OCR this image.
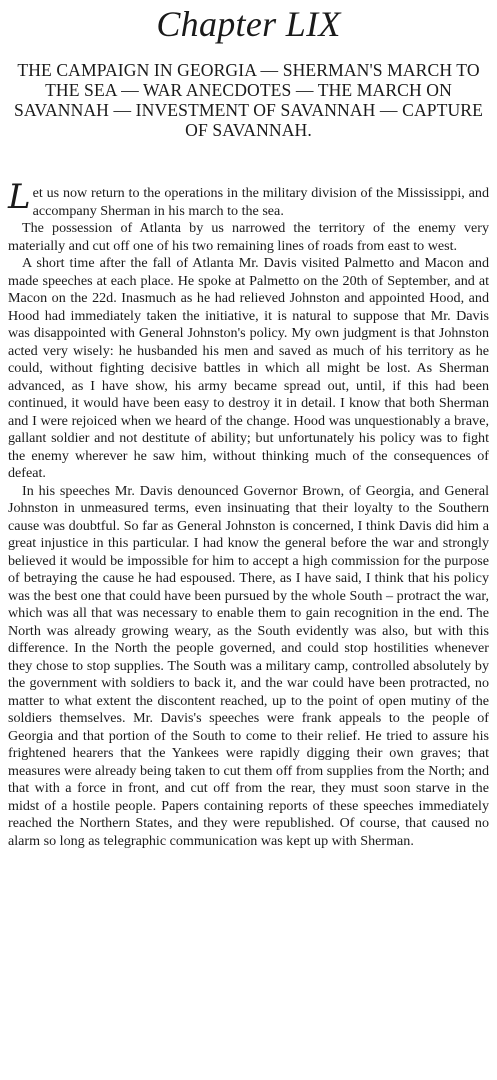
Chapter LIX
THE CAMPAIGN IN GEORGIA — SHERMAN'S MARCH TO THE SEA — WAR ANECDOTES — THE MARCH ON SAVANNAH — INVESTMENT OF SAVANNAH — CAPTURE OF SAVANNAH.

Let us now return to the operations in the military division of the Mississippi, and accompany Sherman in his march to the sea.

The possession of Atlanta by us narrowed the territory of the enemy very materially and cut off one of his two remaining lines of roads from east to west.

A short time after the fall of Atlanta Mr. Davis visited Palmetto and Macon and made speeches at each place. He spoke at Palmetto on the 20th of September, and at Macon on the 22d. Inasmuch as he had relieved Johnston and appointed Hood, and Hood had immediately taken the initiative, it is natural to suppose that Mr. Davis was disappointed with General Johnston's policy. My own judgment is that Johnston acted very wisely: he husbanded his men and saved as much of his territory as he could, without fighting decisive battles in which all might be lost. As Sherman advanced, as I have show, his army became spread out, until, if this had been continued, it would have been easy to destroy it in detail. I know that both Sherman and I were rejoiced when we heard of the change. Hood was unquestionably a brave, gallant soldier and not destitute of ability; but unfortunately his policy was to fight the enemy wherever he saw him, without thinking much of the consequences of defeat.

In his speeches Mr. Davis denounced Governor Brown, of Georgia, and General Johnston in unmeasured terms, even insinuating that their loyalty to the Southern cause was doubtful. So far as General Johnston is concerned, I think Davis did him a great injustice in this particular. I had know the general before the war and strongly believed it would be impossible for him to accept a high commission for the purpose of betraying the cause he had espoused. There, as I have said, I think that his policy was the best one that could have been pursued by the whole South – protract the war, which was all that was necessary to enable them to gain recognition in the end. The North was already growing weary, as the South evidently was also, but with this difference. In the North the people governed, and could stop hostilities whenever they chose to stop supplies. The South was a military camp, controlled absolutely by the government with soldiers to back it, and the war could have been protracted, no matter to what extent the discontent reached, up to the point of open mutiny of the soldiers themselves. Mr. Davis's speeches were frank appeals to the people of Georgia and that portion of the South to come to their relief. He tried to assure his frightened hearers that the Yankees were rapidly digging their own graves; that measures were already being taken to cut them off from supplies from the North; and that with a force in front, and cut off from the rear, they must soon starve in the midst of a hostile people. Papers containing reports of these speeches immediately reached the Northern States, and they were republished. Of course, that caused no alarm so long as telegraphic communication was kept up with Sherman.
